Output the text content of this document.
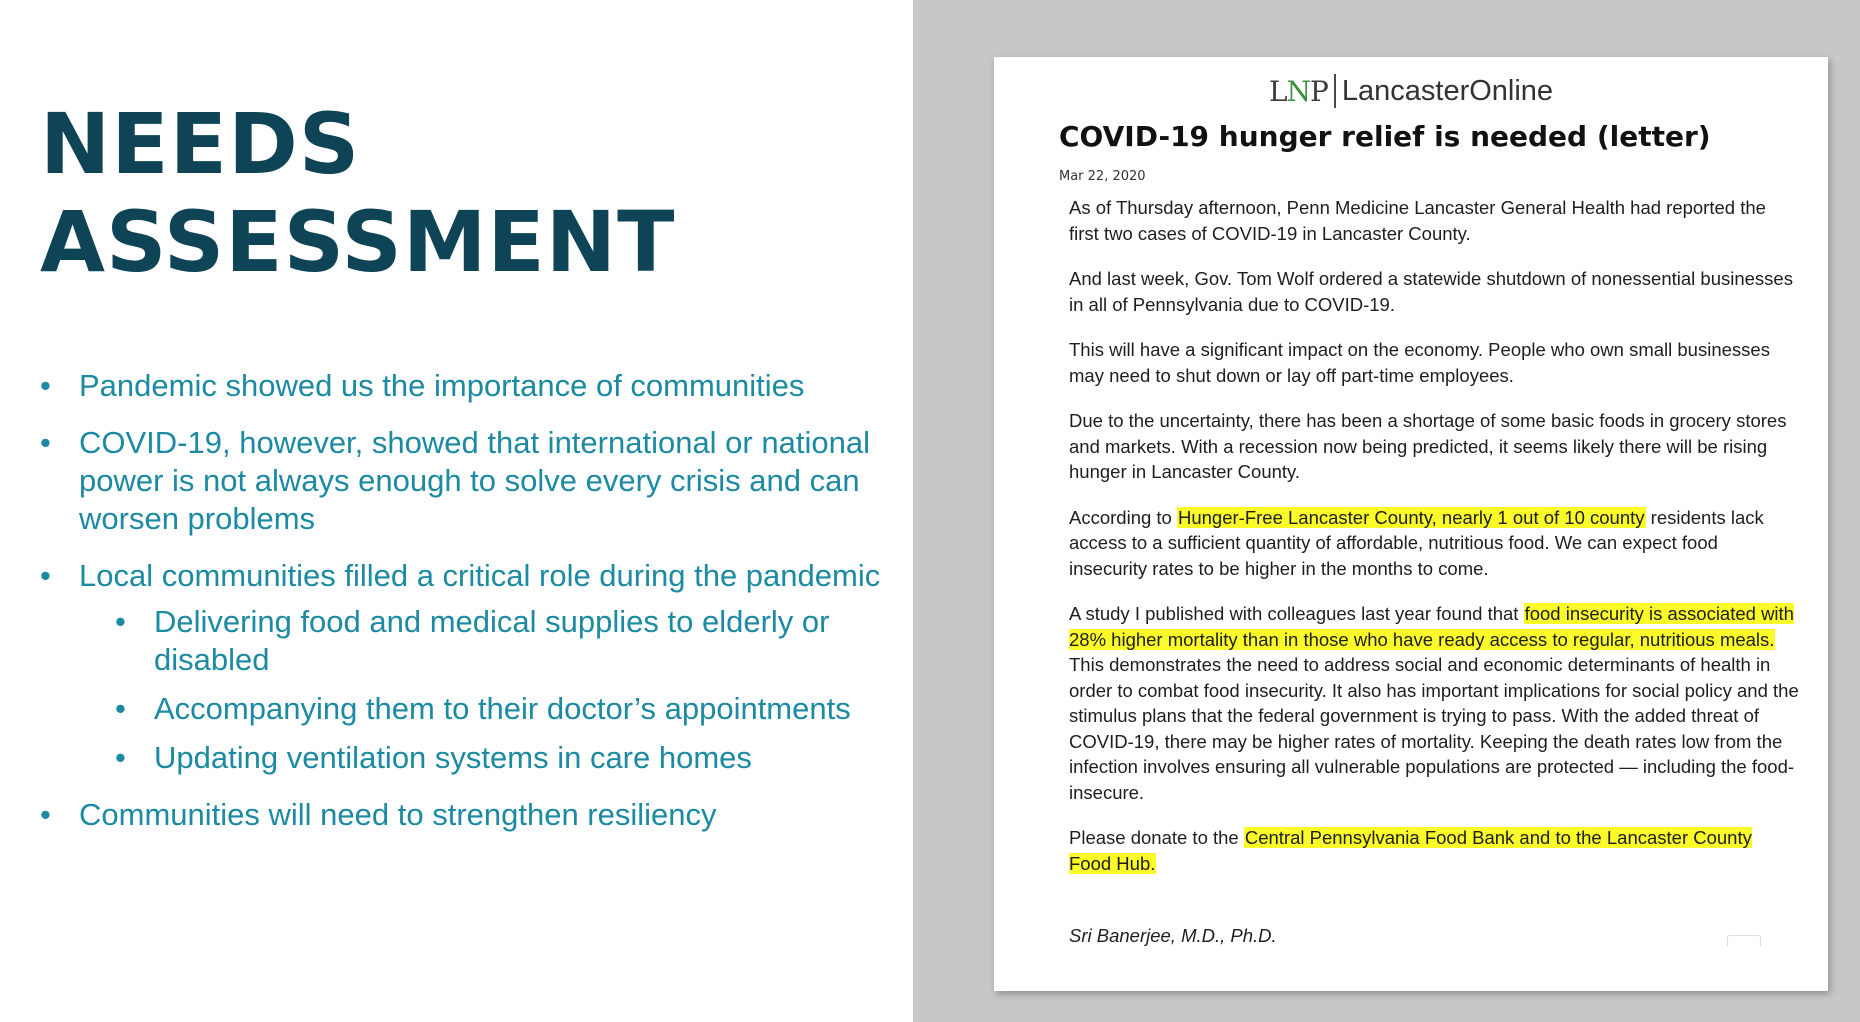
NEEDS
ASSESSMENT
• Pandemic showed us the importance of communities
• COVID-19, however, showed that international or national power is not always enough to solve every crisis and can worsen problems
• Local communities filled a critical role during the pandemic
• Delivering food and medical supplies to elderly or disabled
• Accompanying them to their doctor’s appointments
• Updating ventilation systems in care homes
• Communities will need to strengthen resiliency
LNP LancasterOnline
COVID-19 hunger relief is needed (letter)
Mar 22, 2020

As of Thursday afternoon, Penn Medicine Lancaster General Health had reported the first two cases of COVID-19 in Lancaster County.

And last week, Gov. Tom Wolf ordered a statewide shutdown of nonessential businesses in all of Pennsylvania due to COVID-19.

This will have a significant impact on the economy. People who own small businesses may need to shut down or lay off part-time employees.

Due to the uncertainty, there has been a shortage of some basic foods in grocery stores and markets. With a recession now being predicted, it seems likely there will be rising hunger in Lancaster County.

According to Hunger-Free Lancaster County, nearly 1 out of 10 county residents lack access to a sufficient quantity of affordable, nutritious food. We can expect food insecurity rates to be higher in the months to come.

A study I published with colleagues last year found that food insecurity is associated with 28% higher mortality than in those who have ready access to regular, nutritious meals. This demonstrates the need to address social and economic determinants of health in order to combat food insecurity. It also has important implications for social policy and the stimulus plans that the federal government is trying to pass. With the added threat of COVID-19, there may be higher rates of mortality. Keeping the death rates low from the infection involves ensuring all vulnerable populations are protected — including the food-insecure.

Please donate to the Central Pennsylvania Food Bank and to the Lancaster County Food Hub.

Sri Banerjee, M.D., Ph.D.
